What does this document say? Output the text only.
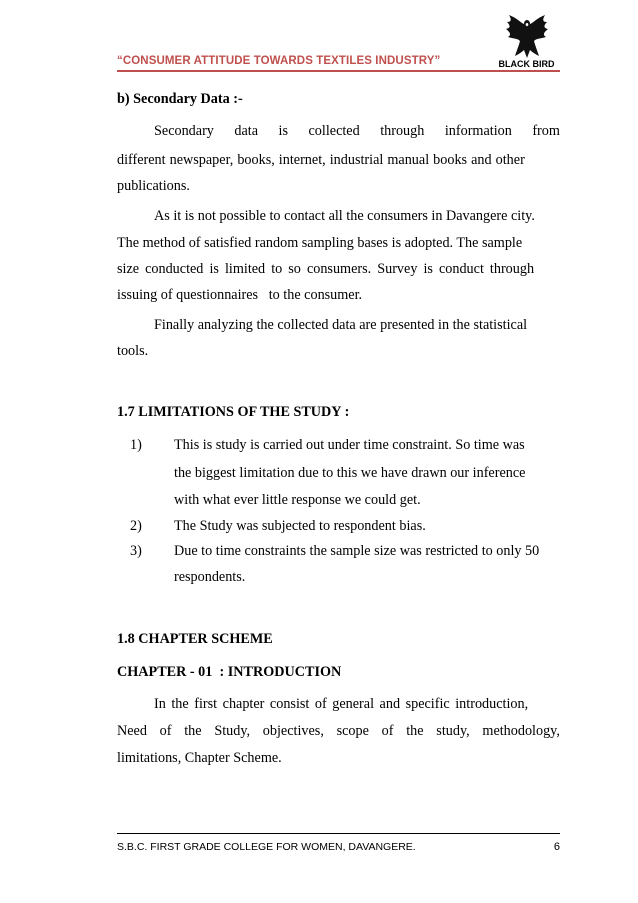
“CONSUMER ATTITUDE TOWARDS TEXTILES INDUSTRY”	BLACK BIRD
b) Secondary Data :-
Secondary data is collected through information from
different newspaper, books, internet, industrial manual books and other
publications.
As it is not possible to contact all the consumers in Davangere city.
The method of satisfied random sampling bases is adopted. The sample
size conducted is limited to so consumers. Survey is conduct through
issuing of questionnaires   to the consumer.
Finally analyzing the collected data are presented in the statistical
tools.
1.7 LIMITATIONS OF THE STUDY :
1) This is study is carried out under time constraint. So time was
the biggest limitation due to this we have drawn our inference
with what ever little response we could get.
2) The Study was subjected to respondent bias.
3) Due to time constraints the sample size was restricted to only 50
respondents.
1.8 CHAPTER SCHEME
CHAPTER - 01  : INTRODUCTION
In the first chapter consist of general and specific introduction,
Need of the Study, objectives, scope of the study, methodology,
limitations, Chapter Scheme.
S.B.C. FIRST GRADE COLLEGE FOR WOMEN, DAVANGERE.	6
